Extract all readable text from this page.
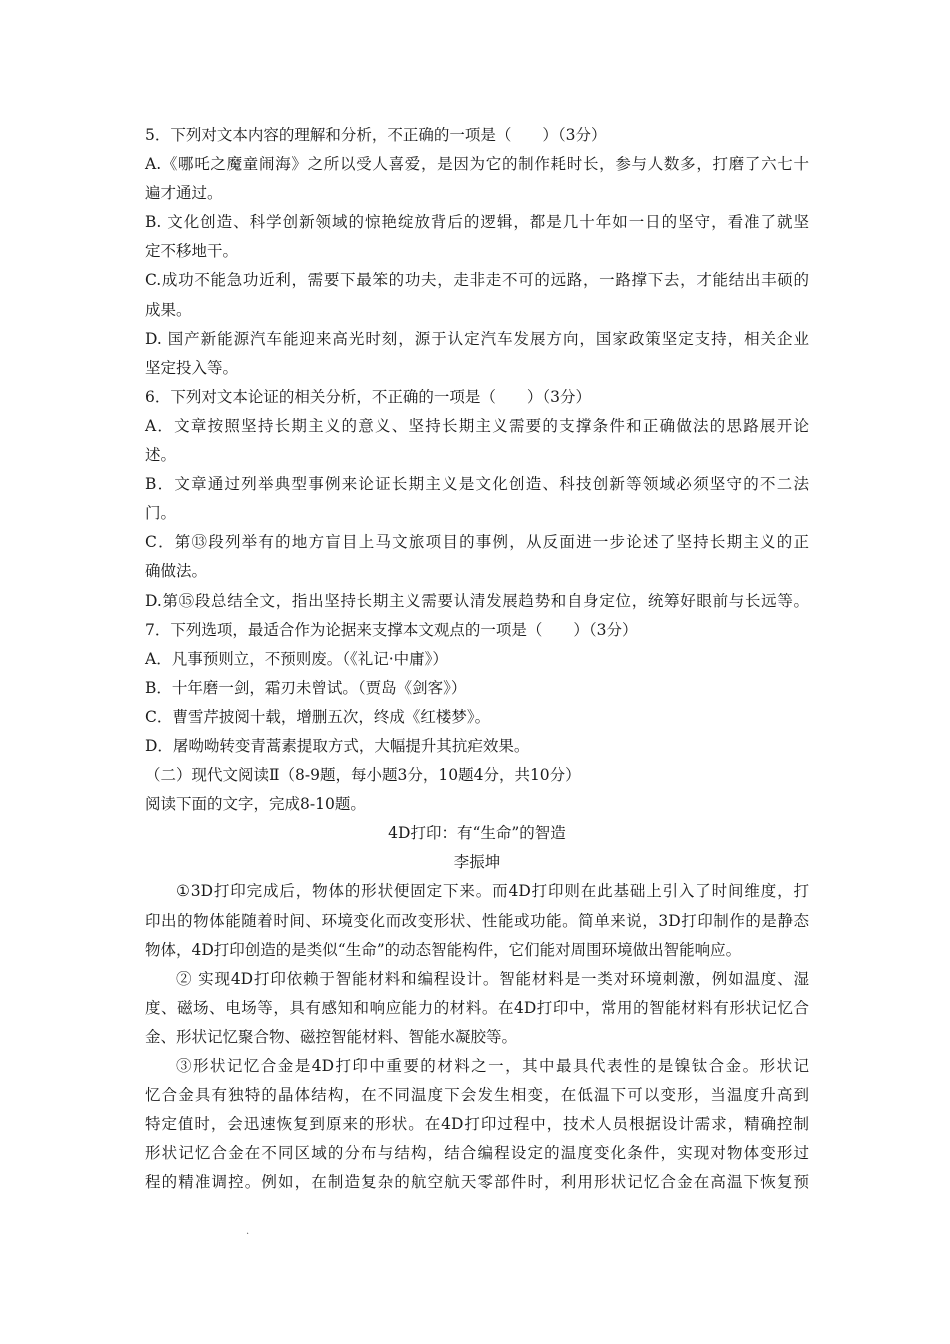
5．下列对文本内容的理解和分析，不正确的一项是（　　）（3分）
A.《哪吒之魔童闹海》之所以受人喜爱，是因为它的制作耗时长，参与人数多，打磨了六七十
遍才通过。
B. 文化创造、科学创新领域的惊艳绽放背后的逻辑，都是几十年如一日的坚守，看准了就坚
定不移地干。
C.成功不能急功近利，需要下最笨的功夫，走非走不可的远路，一路撑下去，才能结出丰硕的
成果。
D. 国产新能源汽车能迎来高光时刻，源于认定汽车发展方向，国家政策坚定支持，相关企业
坚定投入等。
6．下列对文本论证的相关分析，不正确的一项是（　　）（3分）
A．文章按照坚持长期主义的意义、坚持长期主义需要的支撑条件和正确做法的思路展开论
述。
B．文章通过列举典型事例来论证长期主义是文化创造、科技创新等领域必须坚守的不二法
门。
C．第⑬段列举有的地方盲目上马文旅项目的事例，从反面进一步论述了坚持长期主义的正
确做法。
D.第⑮段总结全文，指出坚持长期主义需要认清发展趋势和自身定位，统筹好眼前与长远等。
7．下列选项，最适合作为论据来支撑本文观点的一项是（　　）（3分）
A．凡事预则立，不预则废。（《礼记·中庸》）
B．十年磨一剑，霜刃未曾试。（贾岛《剑客》）
C．曹雪芹披阅十载，增删五次，终成《红楼梦》。
D．屠呦呦转变青蒿素提取方式，大幅提升其抗疟效果。
（二）现代文阅读Ⅱ（8-9题，每小题3分，10题4分，共10分）
阅读下面的文字，完成8-10题。
4D打印：有“生命”的智造
李振坤
①3D打印完成后，物体的形状便固定下来。而4D打印则在此基础上引入了时间维度，打
印出的物体能随着时间、环境变化而改变形状、性能或功能。简单来说，3D打印制作的是静态
物体，4D打印创造的是类似“生命”的动态智能构件，它们能对周围环境做出智能响应。
② 实现4D打印依赖于智能材料和编程设计。智能材料是一类对环境刺激，例如温度、湿
度、磁场、电场等，具有感知和响应能力的材料。在4D打印中，常用的智能材料有形状记忆合
金、形状记忆聚合物、磁控智能材料、智能水凝胶等。
③形状记忆合金是4D打印中重要的材料之一，其中最具代表性的是镍钛合金。形状记
忆合金具有独特的晶体结构，在不同温度下会发生相变，在低温下可以变形，当温度升高到
特定值时，会迅速恢复到原来的形状。在4D打印过程中，技术人员根据设计需求，精确控制
形状记忆合金在不同区域的分布与结构，结合编程设定的温度变化条件，实现对物体变形过
程的精准调控。例如，在制造复杂的航空航天零部件时，利用形状记忆合金在高温下恢复预
.
